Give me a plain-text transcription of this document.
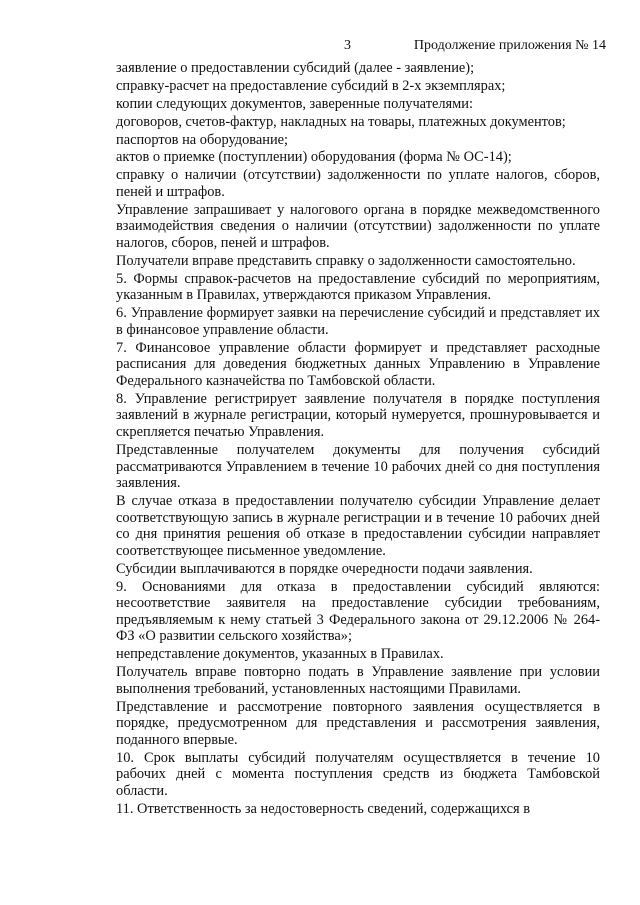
3	Продолжение приложения № 14

заявление о предоставлении субсидий (далее - заявление);

справку-расчет на предоставление субсидий в 2-х экземплярах;

копии следующих документов, заверенные получателями:

договоров, счетов-фактур, накладных на товары, платежных документов;

паспортов на оборудование;

актов о приемке (поступлении) оборудования (форма № ОС-14);

справку о наличии (отсутствии) задолженности по уплате налогов, сборов, пеней и штрафов.

Управление запрашивает у налогового органа в порядке межведомственного взаимодействия сведения о наличии (отсутствии) задолженности по уплате налогов, сборов, пеней и штрафов.

Получатели вправе представить справку о задолженности самостоятельно.

5. Формы справок-расчетов на предоставление субсидий по мероприятиям, указанным в Правилах, утверждаются приказом Управления.

6. Управление формирует заявки на перечисление субсидий и представляет их в финансовое управление области.

7. Финансовое управление области формирует и представляет расходные расписания для доведения бюджетных данных Управлению в Управление Федерального казначейства по Тамбовской области.

8. Управление регистрирует заявление получателя в порядке поступления заявлений в журнале регистрации, который нумеруется, прошнуровывается и скрепляется печатью Управления.

Представленные получателем документы для получения субсидий рассматриваются Управлением в течение 10 рабочих дней со дня поступления заявления.

В случае отказа в предоставлении получателю субсидии Управление делает соответствующую запись в журнале регистрации и в течение 10 рабочих дней со дня принятия решения об отказе в предоставлении субсидии направляет соответствующее письменное уведомление.

Субсидии выплачиваются в порядке очередности подачи заявления.

9. Основаниями для отказа в предоставлении субсидий являются: несоответствие заявителя на предоставление субсидии требованиям, предъявляемым к нему статьей 3 Федерального закона от 29.12.2006 № 264-ФЗ «О развитии сельского хозяйства»;

непредставление документов, указанных в Правилах.

Получатель вправе повторно подать в Управление заявление при условии выполнения требований, установленных настоящими Правилами.

Представление и рассмотрение повторного заявления осуществляется в порядке, предусмотренном для представления и рассмотрения заявления, поданного впервые.

10. Срок выплаты субсидий получателям осуществляется в течение 10 рабочих дней с момента поступления средств из бюджета Тамбовской области.

11. Ответственность за недостоверность сведений, содержащихся в
